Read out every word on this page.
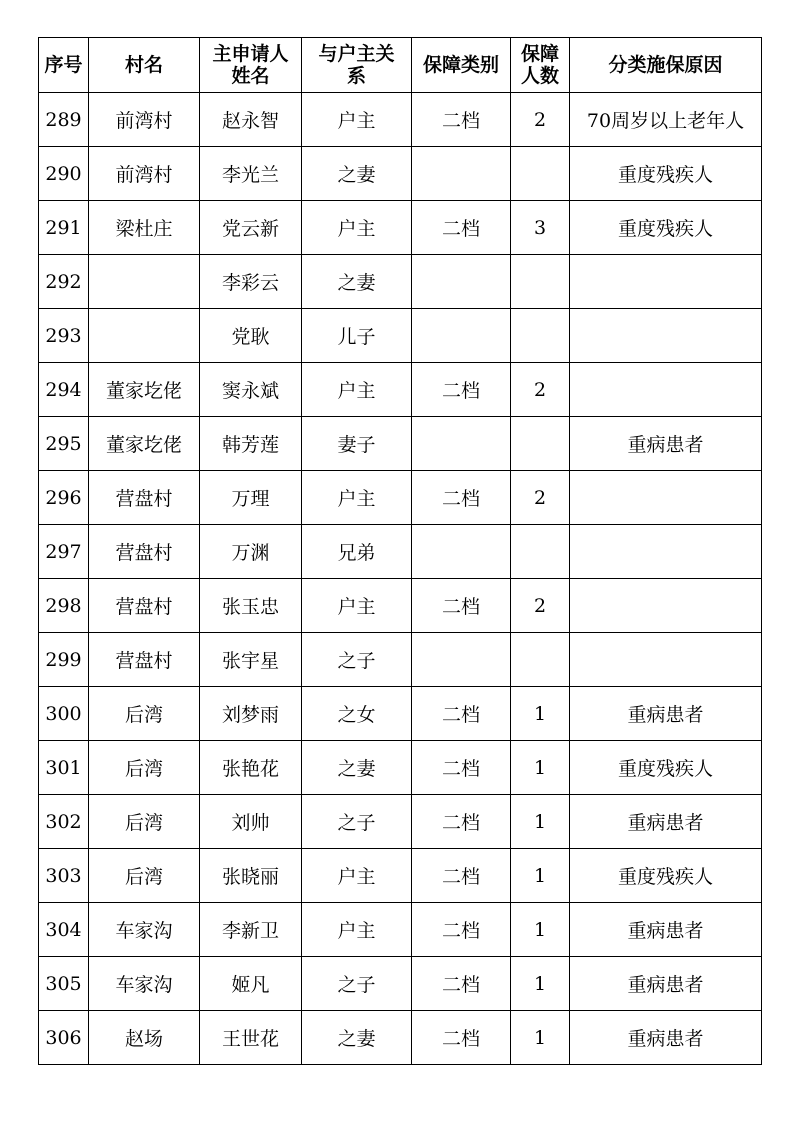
序号	村名	主申请人姓名	与户主关系	保障类别	保障人数	分类施保原因
289	前湾村	赵永智	户主	二档	2	70周岁以上老年人
290	前湾村	李光兰	之妻			重度残疾人
291	梁杜庄	党云新	户主	二档	3	重度残疾人
292		李彩云	之妻			
293		党耿	儿子			
294	董家圪佬	窦永斌	户主	二档	2	
295	董家圪佬	韩芳莲	妻子			重病患者
296	营盘村	万理	户主	二档	2	
297	营盘村	万渊	兄弟			
298	营盘村	张玉忠	户主	二档	2	
299	营盘村	张宇星	之子			
300	后湾	刘梦雨	之女	二档	1	重病患者
301	后湾	张艳花	之妻	二档	1	重度残疾人
302	后湾	刘帅	之子	二档	1	重病患者
303	后湾	张晓丽	户主	二档	1	重度残疾人
304	车家沟	李新卫	户主	二档	1	重病患者
305	车家沟	姬凡	之子	二档	1	重病患者
306	赵场	王世花	之妻	二档	1	重病患者
